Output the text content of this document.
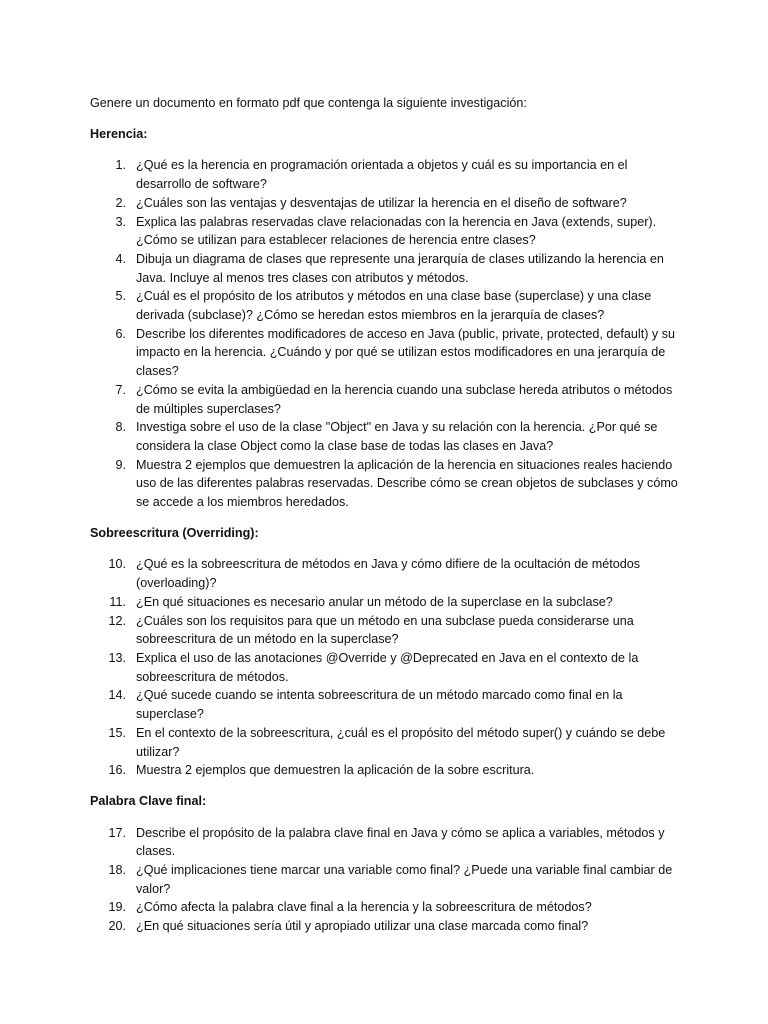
Genere un documento en formato pdf que contenga la siguiente investigación:

Herencia:
1. ¿Qué es la herencia en programación orientada a objetos y cuál es su importancia en el desarrollo de software?
2. ¿Cuáles son las ventajas y desventajas de utilizar la herencia en el diseño de software?
3. Explica las palabras reservadas clave relacionadas con la herencia en Java (extends, super). ¿Cómo se utilizan para establecer relaciones de herencia entre clases?
4. Dibuja un diagrama de clases que represente una jerarquía de clases utilizando la herencia en Java. Incluye al menos tres clases con atributos y métodos.
5. ¿Cuál es el propósito de los atributos y métodos en una clase base (superclase) y una clase derivada (subclase)? ¿Cómo se heredan estos miembros en la jerarquía de clases?
6. Describe los diferentes modificadores de acceso en Java (public, private, protected, default) y su impacto en la herencia. ¿Cuándo y por qué se utilizan estos modificadores en una jerarquía de clases?
7. ¿Cómo se evita la ambigüedad en la herencia cuando una subclase hereda atributos o métodos de múltiples superclases?
8. Investiga sobre el uso de la clase "Object" en Java y su relación con la herencia. ¿Por qué se considera la clase Object como la clase base de todas las clases en Java?
9. Muestra 2 ejemplos que demuestren la aplicación de la herencia en situaciones reales haciendo uso de las diferentes palabras reservadas. Describe cómo se crean objetos de subclases y cómo se accede a los miembros heredados.
Sobreescritura (Overriding):
10. ¿Qué es la sobreescritura de métodos en Java y cómo difiere de la ocultación de métodos (overloading)?
11. ¿En qué situaciones es necesario anular un método de la superclase en la subclase?
12. ¿Cuáles son los requisitos para que un método en una subclase pueda considerarse una sobreescritura de un método en la superclase?
13. Explica el uso de las anotaciones @Override y @Deprecated en Java en el contexto de la sobreescritura de métodos.
14. ¿Qué sucede cuando se intenta sobreescritura de un método marcado como final en la superclase?
15. En el contexto de la sobreescritura, ¿cuál es el propósito del método super() y cuándo se debe utilizar?
16. Muestra 2 ejemplos que demuestren la aplicación de la sobre escritura.
Palabra Clave final:
17. Describe el propósito de la palabra clave final en Java y cómo se aplica a variables, métodos y clases.
18. ¿Qué implicaciones tiene marcar una variable como final? ¿Puede una variable final cambiar de valor?
19. ¿Cómo afecta la palabra clave final a la herencia y la sobreescritura de métodos?
20. ¿En qué situaciones sería útil y apropiado utilizar una clase marcada como final?
